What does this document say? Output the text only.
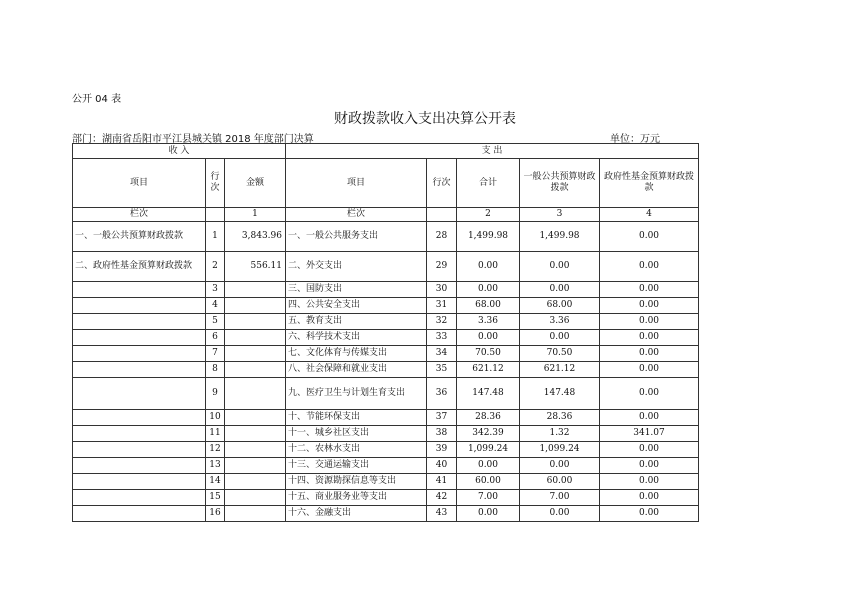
公开 04 表
财政拨款收入支出决算公开表
部门：湖南省岳阳市平江县城关镇 2018 年度部门决算	单位：万元
收 入			支 出				
项目	行次	金额	项目	行次	合计	一般公共预算财政拨款	政府性基金预算财政拨款
栏次		1	栏次		2	3	4
一、一般公共预算财政拨款	1	3,843.96	一、一般公共服务支出	28	1,499.98	1,499.98	0.00
二、政府性基金预算财政拨款	2	556.11	二、外交支出	29	0.00	0.00	0.00
	3		三、国防支出	30	0.00	0.00	0.00
	4		四、公共安全支出	31	68.00	68.00	0.00
	5		五、教育支出	32	3.36	3.36	0.00
	6		六、科学技术支出	33	0.00	0.00	0.00
	7		七、文化体育与传媒支出	34	70.50	70.50	0.00
	8		八、社会保障和就业支出	35	621.12	621.12	0.00
	9		九、医疗卫生与计划生育支出	36	147.48	147.48	0.00
	10		十、节能环保支出	37	28.36	28.36	0.00
	11		十一、城乡社区支出	38	342.39	1.32	341.07
	12		十二、农林水支出	39	1,099.24	1,099.24	0.00
	13		十三、交通运输支出	40	0.00	0.00	0.00
	14		十四、资源勘探信息等支出	41	60.00	60.00	0.00
	15		十五、商业服务业等支出	42	7.00	7.00	0.00
	16		十六、金融支出	43	0.00	0.00	0.00
